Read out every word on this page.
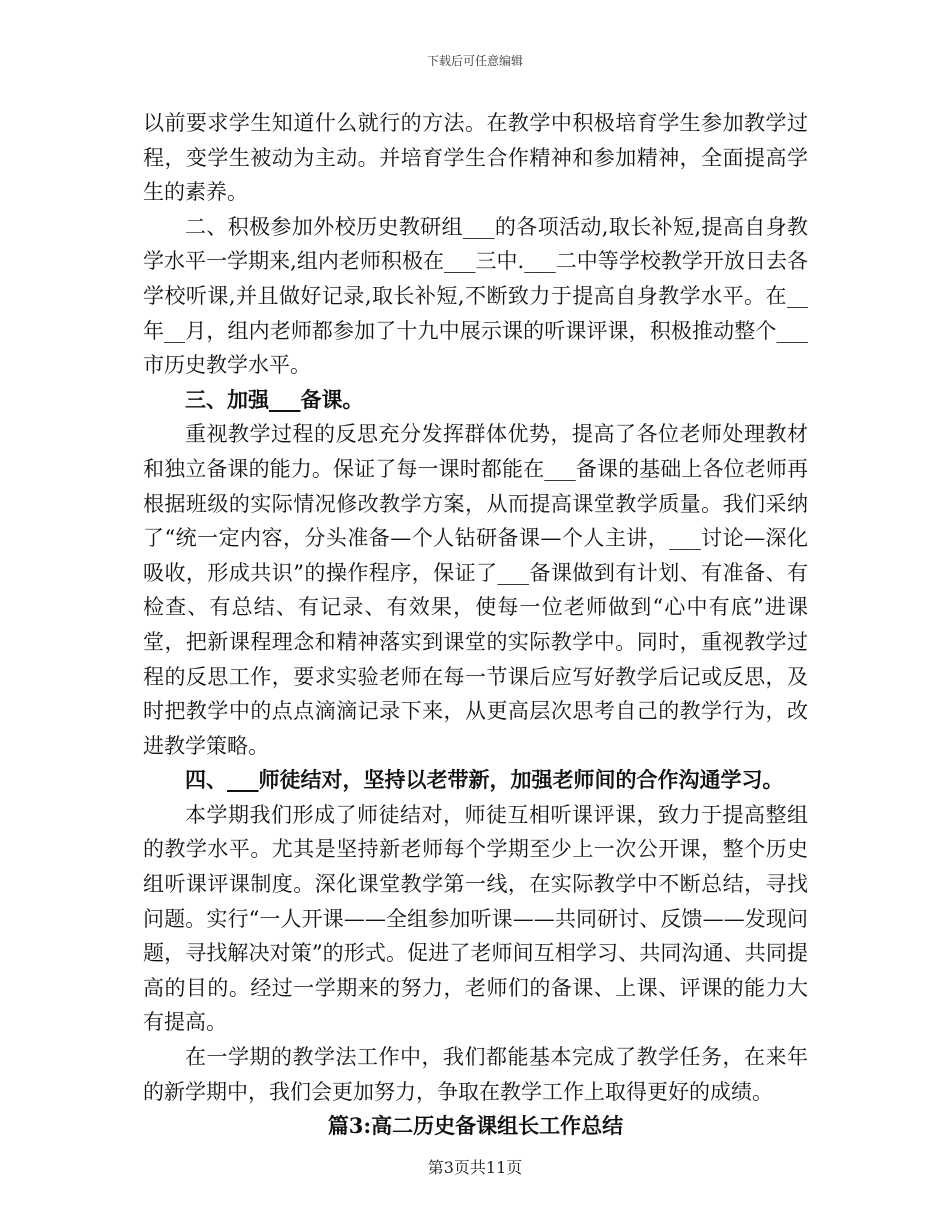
下载后可任意编辑

以前要求学生知道什么就行的方法。在教学中积极培育学生参加教学过程，变学生被动为主动。并培育学生合作精神和参加精神，全面提高学生的素养。

二、积极参加外校历史教研组___的各项活动,取长补短,提高自身教学水平一学期来,组内老师积极在___三中.___二中等学校教学开放日去各学校听课,并且做好记录,取长补短,不断致力于提高自身教学水平。在__年__月，组内老师都参加了十九中展示课的听课评课，积极推动整个___市历史教学水平。

三、加强___备课。

重视教学过程的反思充分发挥群体优势，提高了各位老师处理教材和独立备课的能力。保证了每一课时都能在___备课的基础上各位老师再根据班级的实际情况修改教学方案，从而提高课堂教学质量。我们采纳了“统一定内容，分头准备—个人钻研备课—个人主讲，___讨论—深化吸收，形成共识”的操作程序，保证了___备课做到有计划、有准备、有检查、有总结、有记录、有效果，使每一位老师做到“心中有底”进课堂，把新课程理念和精神落实到课堂的实际教学中。同时，重视教学过程的反思工作，要求实验老师在每一节课后应写好教学后记或反思，及时把教学中的点点滴滴记录下来，从更高层次思考自己的教学行为，改进教学策略。

四、___师徒结对，坚持以老带新，加强老师间的合作沟通学习。

本学期我们形成了师徒结对，师徒互相听课评课，致力于提高整组的教学水平。尤其是坚持新老师每个学期至少上一次公开课，整个历史组听课评课制度。深化课堂教学第一线，在实际教学中不断总结，寻找问题。实行“一人开课——全组参加听课——共同研讨、反馈——发现问题，寻找解决对策”的形式。促进了老师间互相学习、共同沟通、共同提高的目的。经过一学期来的努力，老师们的备课、上课、评课的能力大有提高。

在一学期的教学法工作中，我们都能基本完成了教学任务，在来年的新学期中，我们会更加努力，争取在教学工作上取得更好的成绩。

篇3:高二历史备课组长工作总结

第3页共11页
